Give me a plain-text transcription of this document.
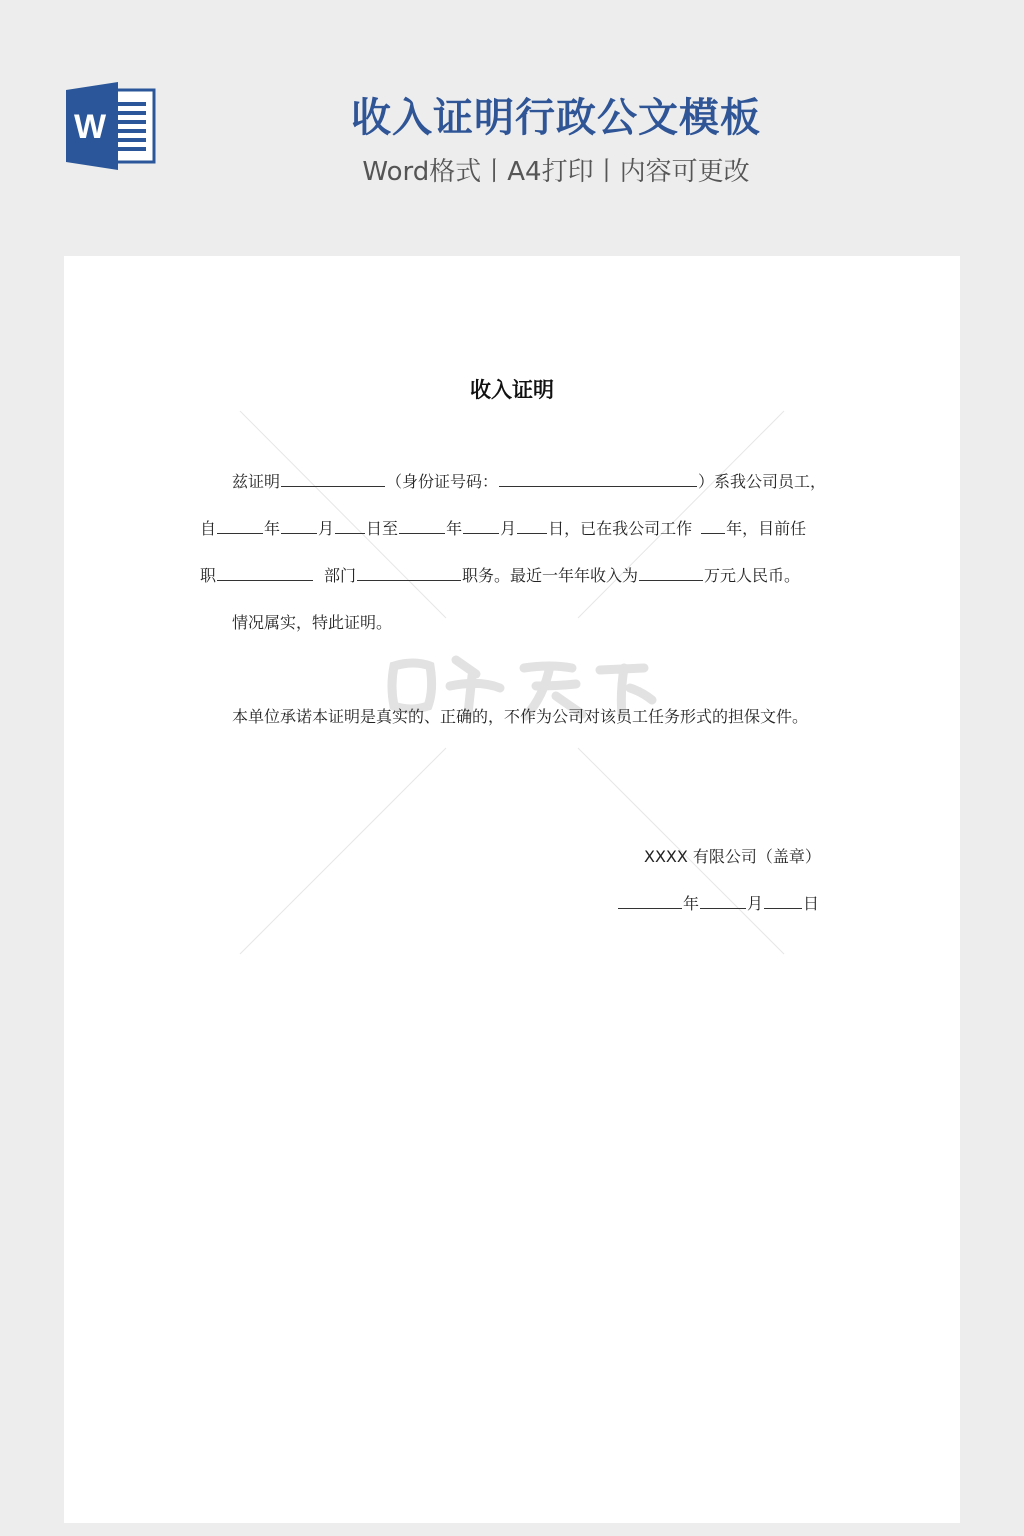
W	收入证明行政公文模板
Word格式丨A4打印丨内容可更改
收入证明
兹证明	（身份证号码：	）系我公司员工，
自	年 月 日至	年 月 日，已在我公司工作 年，目前任
职	部门	职务。最近一年年收入为	万元人民币。
情况属实，特此证明。
本单位承诺本证明是真实的、正确的，不作为公司对该员工任务形式的担保文件。
XXXX 有限公司（盖章）
年	月	日
